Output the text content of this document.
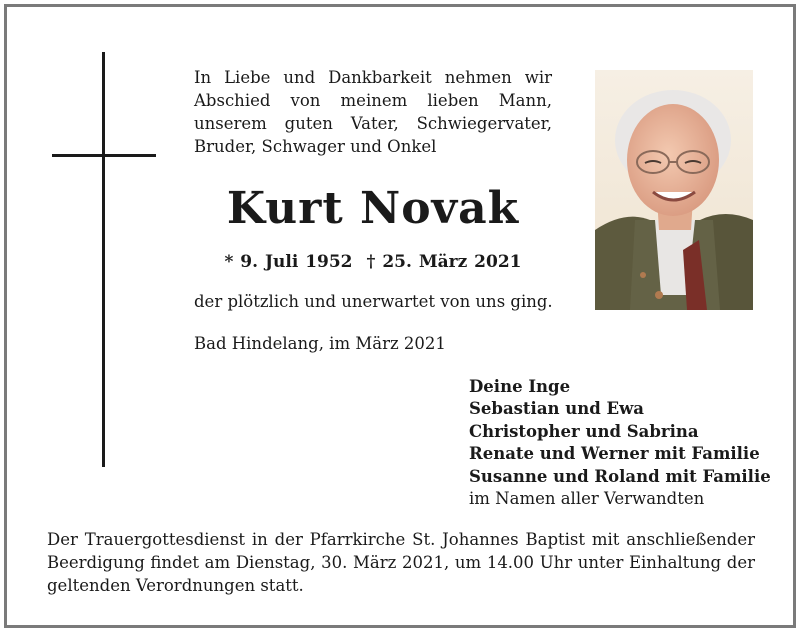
In Liebe und Dankbarkeit nehmen wir
Abschied von meinem lieben Mann,
unserem guten Vater, Schwiegervater,
Bruder, Schwager und Onkel
Kurt Novak
* 9. Juli 1952 † 25. März 2021
der plötzlich und unerwartet von uns ging.
Bad Hindelang, im März 2021
Deine Inge
Sebastian und Ewa
Christopher und Sabrina
Renate und Werner mit Familie
Susanne und Roland mit Familie
im Namen aller Verwandten
Der Trauergottesdienst in der Pfarrkirche St. Johannes Baptist mit anschließender
Beerdigung findet am Dienstag, 30. März 2021, um 14.00 Uhr unter Einhaltung der
geltenden Verordnungen statt.
